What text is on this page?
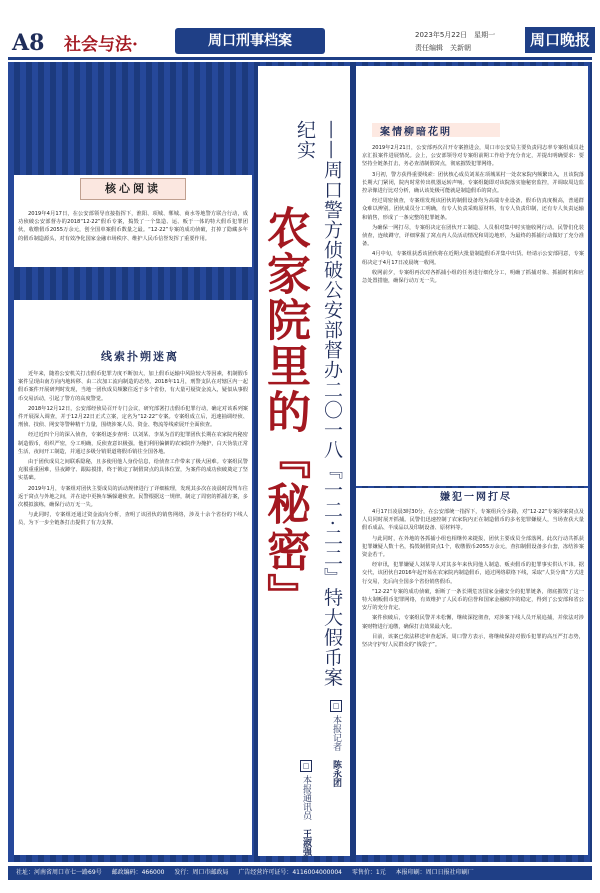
A8 社会与法·	周口刑事档案	2023年5月22日　星期一
责任编辑　关新朝	周口晚报
核心阅读

2019年4月17日，在公安部领导直接指挥下，淮阳、项城、郸城、商水等地警方联合行动，成功侦破公安部督办的2018“12·22”假币专案，捣毁了一个集造、运、贩于一体的特大假币犯罪团伙，收缴假币2055万余元，创全国单案假币数量之最。“12·22”专案的成功侦破，打掉了隐藏多年的假币制造源头，对有效净化国家金融市场秩序、维护人民币信誉发挥了重要作用。

线索扑朔迷离

近年来，随着公安机关打击假币犯罪力度不断加大，加上假币运输中风险较大等因素，机制假币案件呈现由南方向内地转移、由二次加工流向制造的态势。2018年11月，刑警支队在对辖区内一起假币案件开展研判时发现，当地一团伙成员频繁往返于多个省份，有大量可疑资金流入，疑似从事假币交易活动，引起了警方的高度警觉。

2018年12月12日，公安部经侦局召开专门会议，研究部署打击假币犯罪行动，确定对该系列案件开展深入调查，并于12月22日正式立案，定名为“12·22”专案。专案组成立后，迅速抽调经侦、刑侦、技侦、网安等警种精干力量，围绕涉案人员、资金、物流等线索展开全面侦查。

经过近四个月的深入侦查，专案组逐步查明：以刘某、李某为首的犯罪团伙长期在农家院内秘密制造假币，组织严密，分工明确，反侦查意识极强。他们利用偏僻的农家院作为掩护，白天伪装正常生活，夜间开工制造，并通过多级分销渠道将假币销往全国各地。

由于团伙成员之间联系隐秘，且多使用他人身份信息，给侦查工作带来了极大困难。专案组民警克服重重困难，昼夜蹲守、跟踪摸排，终于锁定了制假窝点的具体位置，为案件的成功侦破奠定了坚实基础。

2019年1月，专案组对团伙主要成员的活动规律进行了详细梳理，发现其多次在凌晨时段驾车往返于窝点与外地之间，并在途中更换车辆躲避侦查。民警根据这一规律，制定了周密的抓捕方案，多次模拟演练，确保行动万无一失。

与此同时，专案组还通过资金流向分析，查明了该团伙的销售网络，涉及十余个省份的下线人员，为下一步全链条打击提供了有力支撑。	——周口警方侦破公安部督办二〇一八『一二·二二』特大假币案纪实
农家院里的『秘密』
□本报记者　陈永团
□本报通讯员　王淑强
案情柳暗花明

2019年2月21日，公安部再次召开专案推进会，周口市公安局主要负责同志率专案组成员赴京汇报案件进展情况。会上，公安部领导对专案组前期工作给予充分肯定，并提出明确要求：要坚持全链条打击，务必查清制假窝点，彻底摧毁犯罪网络。

3月初，警方获得重要线索：团伙核心成员刘某在项城某村一处农家院内频繁出入，且该院落长期大门紧闭，院内时常传出机器运转声响。专案组随即对该院落实施秘密监控，并调取周边监控录像进行比对分析，确认该处极可能就是制造假币的窝点。

经过周密侦查，专案组发现该团伙的制假设备均为高端专业设备，假币仿真度极高，普通群众难以辨别。团伙成员分工明确，有专人负责采购原材料，有专人负责印制，还有专人负责运输和销售，形成了一条完整的犯罪链条。

为确保一网打尽，专案组决定在团伙开工制造、人员相对集中时实施收网行动。民警们化装侦查，连续蹲守，详细掌握了窝点内人员活动情况和周边地形，为最终的抓捕行动做好了充分准备。

4月中旬，专案组获悉该团伙将在近期大批量制造假币并集中出货。经请示公安部同意，专案组决定于4月17日凌晨统一收网。

收网前夕，专案组再次对各抓捕小组的任务进行细化分工，明确了抓捕对象、抓捕时机和应急处置措施，确保行动万无一失。

嫌犯一网打尽

4月17日凌晨3时30分，在公安部统一指挥下，专案组兵分多路，对“12·22”专案涉案窝点及人员同时展开抓捕。民警们迅速控制了农家院内正在制造假币的多名犯罪嫌疑人，当场查获大量假币成品、半成品以及印制设备、原材料等。

与此同时，在外地的各抓捕小组也相继传来捷报，团伙主要成员全部落网。此次行动共抓获犯罪嫌疑人数十名，捣毁制假窝点1个，收缴假币2055万余元，查扣制假设备多台套，冻结涉案资金若干。

经审讯，犯罪嫌疑人刘某等人对其多年来伙同他人制造、贩卖假币的犯罪事实供认不讳。据交代，该团伙自2016年起开始在农家院内制造假币，通过网络联络下线，采取“人货分离”方式进行交易，先后向全国多个省份销售假币。

“12·22”专案的成功侦破，斩断了一条长期危害国家金融安全的犯罪链条，彻底摧毁了这一特大制贩假币犯罪网络，有效维护了人民币的信誉和国家金融秩序的稳定，得到了公安部和省公安厅的充分肯定。

案件侦破后，专案组民警并未松懈，继续深挖彻查，对涉案下线人员开展追捕，并依法对涉案财物进行追缴，确保打击效果最大化。

目前，该案已依法移送审查起诉。周口警方表示，将继续保持对假币犯罪的高压严打态势，坚决守护好人民群众的“钱袋子”。

社址：河南省周口市七一路69号 邮政编码：466000 发行：周口市邮政局 广告经营许可证号：4116004000004 零售价：1元 本报印刷：周口日报社印刷厂
